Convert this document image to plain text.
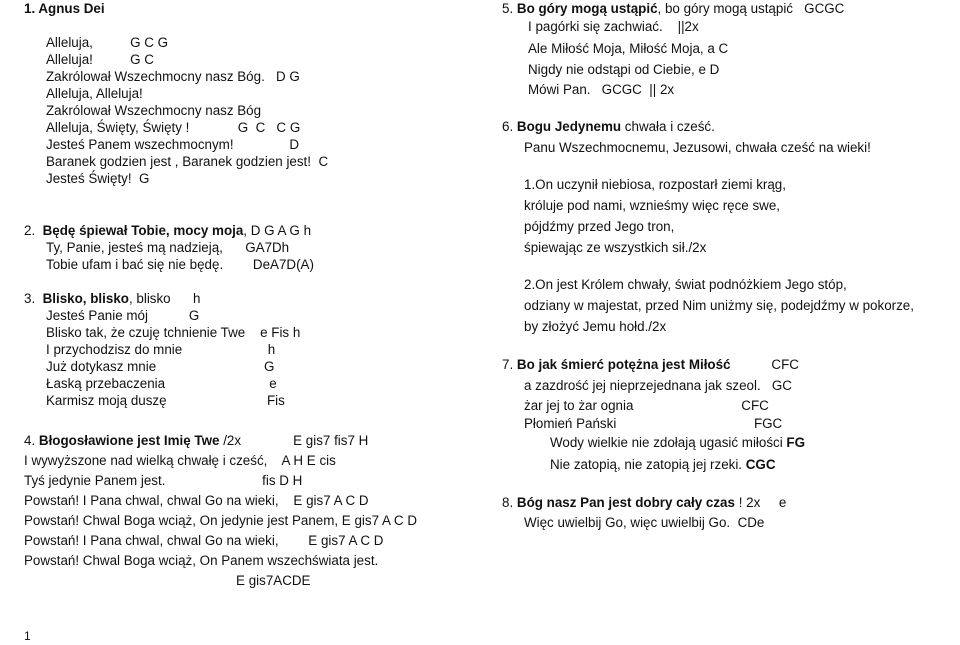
1. Agnus Dei
Alleluja,          G C G
Alleluja!          G C
Zakrólował Wszechmocny nasz Bóg.   D G
Alleluja, Alleluja!
Zakrólował Wszechmocny nasz Bóg
Alleluja, Święty, Święty !             G  C   C G
Jesteś Panem wszechmocnym!               D
Baranek godzien jest , Baranek godzien jest!  C
Jesteś Święty!  G
2. Będę śpiewał Tobie, mocy moja, D G A G h
Ty, Panie, jesteś mą nadzieją,      GA7Dh
Tobie ufam i bać się nie będę.        DeA7D(A)
3. Blisko, blisko, blisko      h
Jesteś Panie mój           G
Blisko tak, że czuję tchnienie Twe    e Fis h
I przychodzisz do mnie                       h
Już dotykasz mnie                             G
Łaską przebaczenia                            e
Karmisz moją duszę                           Fis
4. Błogosławione jest Imię Twe /2x              E gis7 fis7 H
I wywyższone nad wielką chwałę i cześć,    A H E cis
Tyś jedynie Panem jest.                          fis D H
Powstań! I Pana chwal, chwal Go na wieki,    E gis7 A C D
Powstań! Chwal Boga wciąż, On jedynie jest Panem, E gis7 A C D
Powstań! I Pana chwal, chwal Go na wieki,        E gis7 A C D
Powstań! Chwal Boga wciąż, On Panem wszechświata jest.
E gis7ACDE
1
5. Bo góry mogą ustąpić, bo góry mogą ustąpić   GCGC
I pagórki się zachwiać.    ||2x
Ale Miłość Moja, Miłość Moja, a C
Nigdy nie odstąpi od Ciebie, e D
Mówi Pan.   GCGC  || 2x
6. Bogu Jedynemu chwała i cześć.
Panu Wszechmocnemu, Jezusowi, chwała cześć na wieki!
1.On uczynił niebiosa, rozpostarł ziemi krąg,
króluje pod nami, wznieśmy więc ręce swe,
pójdźmy przed Jego tron,
śpiewając ze wszystkich sił./2x
2.On jest Królem chwały, świat podnóżkiem Jego stóp,
odziany w majestat, przed Nim uniżmy się, podejdźmy w pokorze,
by złożyć Jemu hołd./2x
7. Bo jak śmierć potężna jest Miłość           CFC
a zazdrość jej nieprzejednana jak szeol.   GC
żar jej to żar ognia                             CFC
Płomień Pański                                     FGC
Wody wielkie nie zdołają ugasić miłości FG
Nie zatopią, nie zatopią jej rzeki. CGC
8. Bóg nasz Pan jest dobry cały czas ! 2x     e
Więc uwielbij Go, więc uwielbij Go.  CDe
